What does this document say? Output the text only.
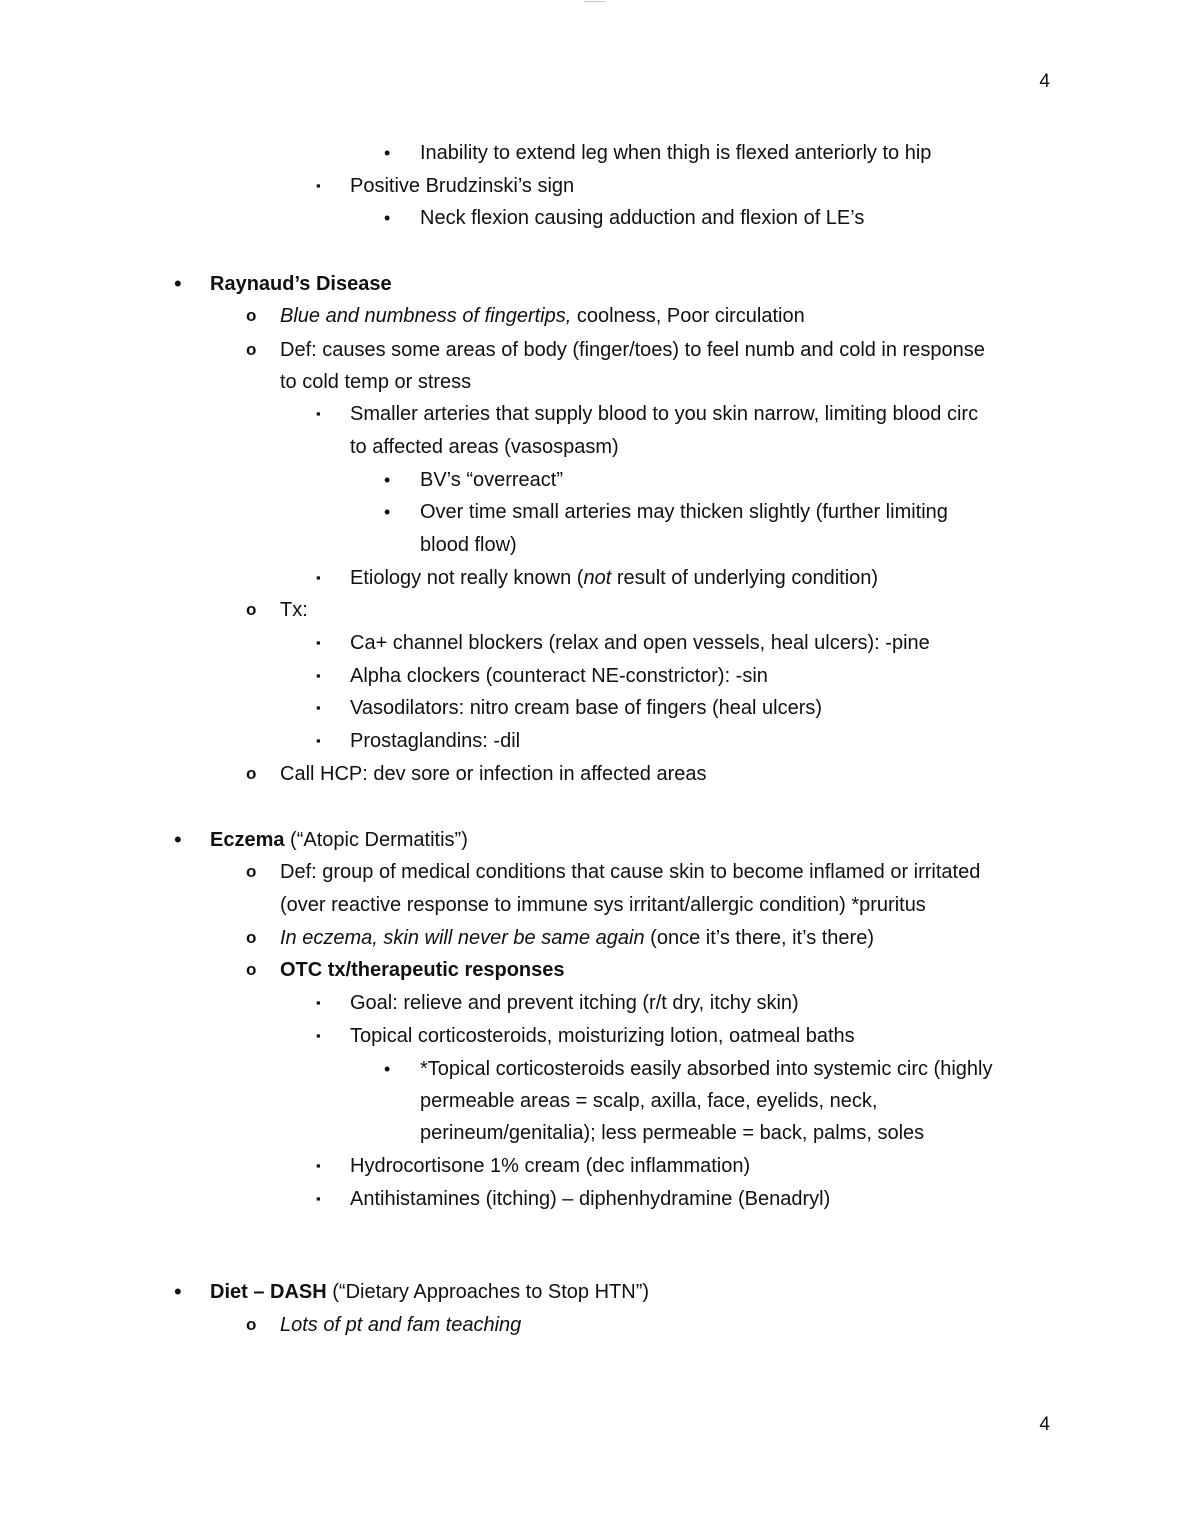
4
• Inability to extend leg when thigh is flexed anteriorly to hip
▪ Positive Brudzinski’s sign
• Neck flexion causing adduction and flexion of LE’s
• Raynaud’s Disease
o Blue and numbness of fingertips, coolness, Poor circulation
o Def: causes some areas of body (finger/toes) to feel numb and cold in response
to cold temp or stress
▪ Smaller arteries that supply blood to you skin narrow, limiting blood circ
to affected areas (vasospasm)
• BV’s “overreact”
• Over time small arteries may thicken slightly (further limiting
blood flow)
▪ Etiology not really known (not result of underlying condition)
o Tx:
▪ Ca+ channel blockers (relax and open vessels, heal ulcers): -pine
▪ Alpha clockers (counteract NE-constrictor): -sin
▪ Vasodilators: nitro cream base of fingers (heal ulcers)
▪ Prostaglandins: -dil
o Call HCP: dev sore or infection in affected areas
• Eczema (“Atopic Dermatitis”)
o Def: group of medical conditions that cause skin to become inflamed or irritated
(over reactive response to immune sys irritant/allergic condition) *pruritus
o In eczema, skin will never be same again (once it’s there, it’s there)
o OTC tx/therapeutic responses
▪ Goal: relieve and prevent itching (r/t dry, itchy skin)
▪ Topical corticosteroids, moisturizing lotion, oatmeal baths
• *Topical corticosteroids easily absorbed into systemic circ (highly
permeable areas = scalp, axilla, face, eyelids, neck,
perineum/genitalia); less permeable = back, palms, soles
▪ Hydrocortisone 1% cream (dec inflammation)
▪ Antihistamines (itching) – diphenhydramine (Benadryl)
• Diet – DASH (“Dietary Approaches to Stop HTN”)
o Lots of pt and fam teaching
4
